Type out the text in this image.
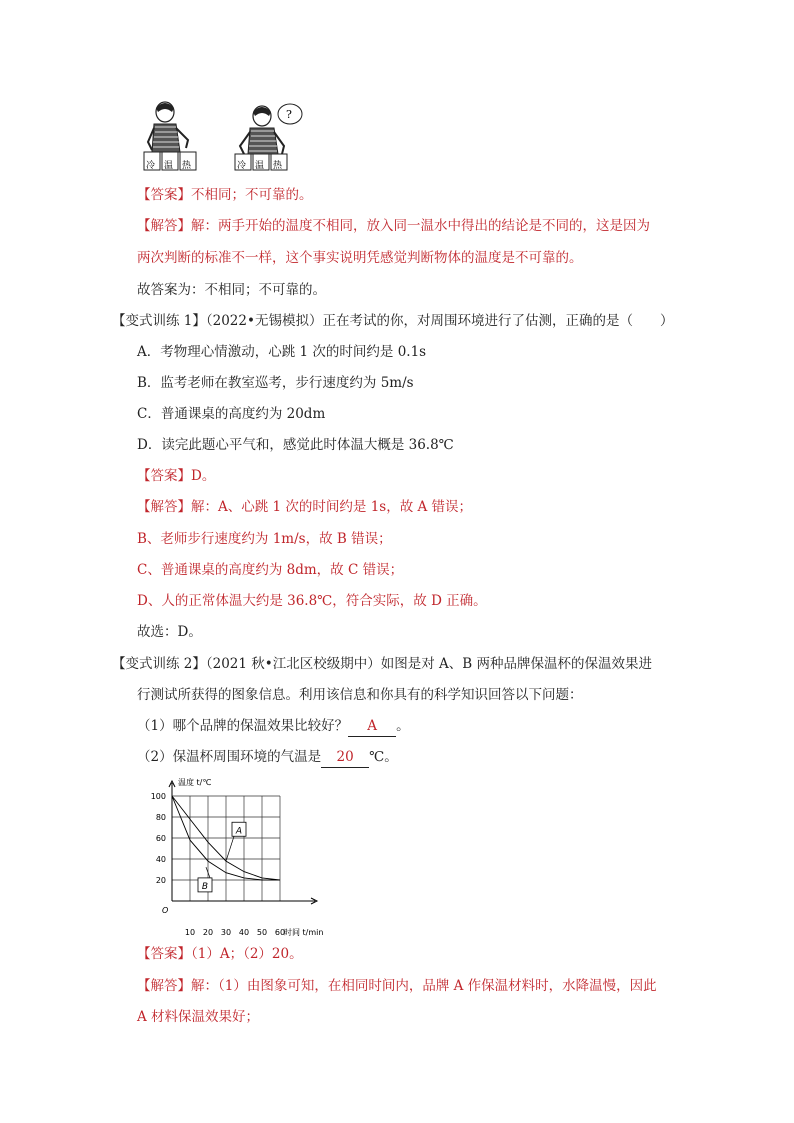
冷 温 热
?
冷 温 热
【答案】不相同；不可靠的。
【解答】解：两手开始的温度不相同，放入同一温水中得出的结论是不同的，这是因为
两次判断的标准不一样，这个事实说明凭感觉判断物体的温度是不可靠的。
故答案为：不相同；不可靠的。
【变式训练 1】（2022•无锡模拟）正在考试的你，对周围环境进行了估测，正确的是（　　）
A．考物理心情激动，心跳 1 次的时间约是 0.1s
B．监考老师在教室巡考，步行速度约为 5m/s
C．普通课桌的高度约为 20dm
D．读完此题心平气和，感觉此时体温大概是 36.8℃
【答案】D。
【解答】解：A、心跳 1 次的时间约是 1s，故 A 错误；
B、老师步行速度约为 1m/s，故 B 错误；
C、普通课桌的高度约为 8dm，故 C 错误；
D、人的正常体温大约是 36.8℃，符合实际，故 D 正确。
故选：D。
【变式训练 2】（2021 秋•江北区校级期中）如图是对 A、B 两种品牌保温杯的保温效果进
行测试所获得的图象信息。利用该信息和你具有的科学知识回答以下问题：
（1）哪个品牌的保温效果比较好？ A 。
（2）保温杯周围环境的气温是 20 ℃。
10 20 30 40 50 60
20
40
60
80
100
O
温度 t/℃
时间 t/min
A
B
【答案】（1）A；（2）20。
【解答】解：（1）由图象可知，在相同时间内，品牌 A 作保温材料时，水降温慢，因此
A 材料保温效果好；
